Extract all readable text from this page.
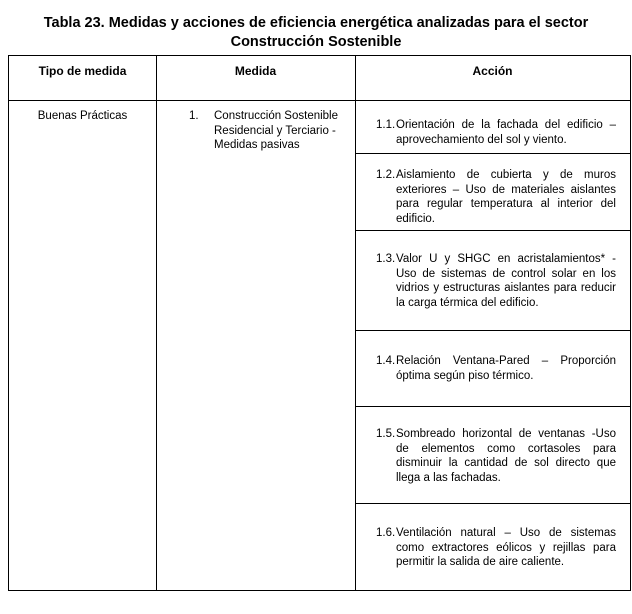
Tabla 23. Medidas y acciones de eficiencia energética analizadas para el sector
Construcción Sostenible
Tipo de medida	Medida	Acción
Buenas Prácticas	1. Construcción Sostenible Residencial y Terciario - Medidas pasivas
1.1. Orientación de la fachada del edificio – aprovechamiento del sol y viento.
1.2. Aislamiento de cubierta y de muros exteriores – Uso de materiales aislantes para regular temperatura al interior del edificio.
1.3. Valor U y SHGC en acristalamientos* - Uso de sistemas de control solar en los vidrios y estructuras aislantes para reducir la carga térmica del edificio.
1.4. Relación Ventana-Pared – Proporción óptima según piso térmico.
1.5. Sombreado horizontal de ventanas -Uso de elementos como cortasoles para disminuir la cantidad de sol directo que llega a las fachadas.
1.6. Ventilación natural – Uso de sistemas como extractores eólicos y rejillas para permitir la salida de aire caliente.
